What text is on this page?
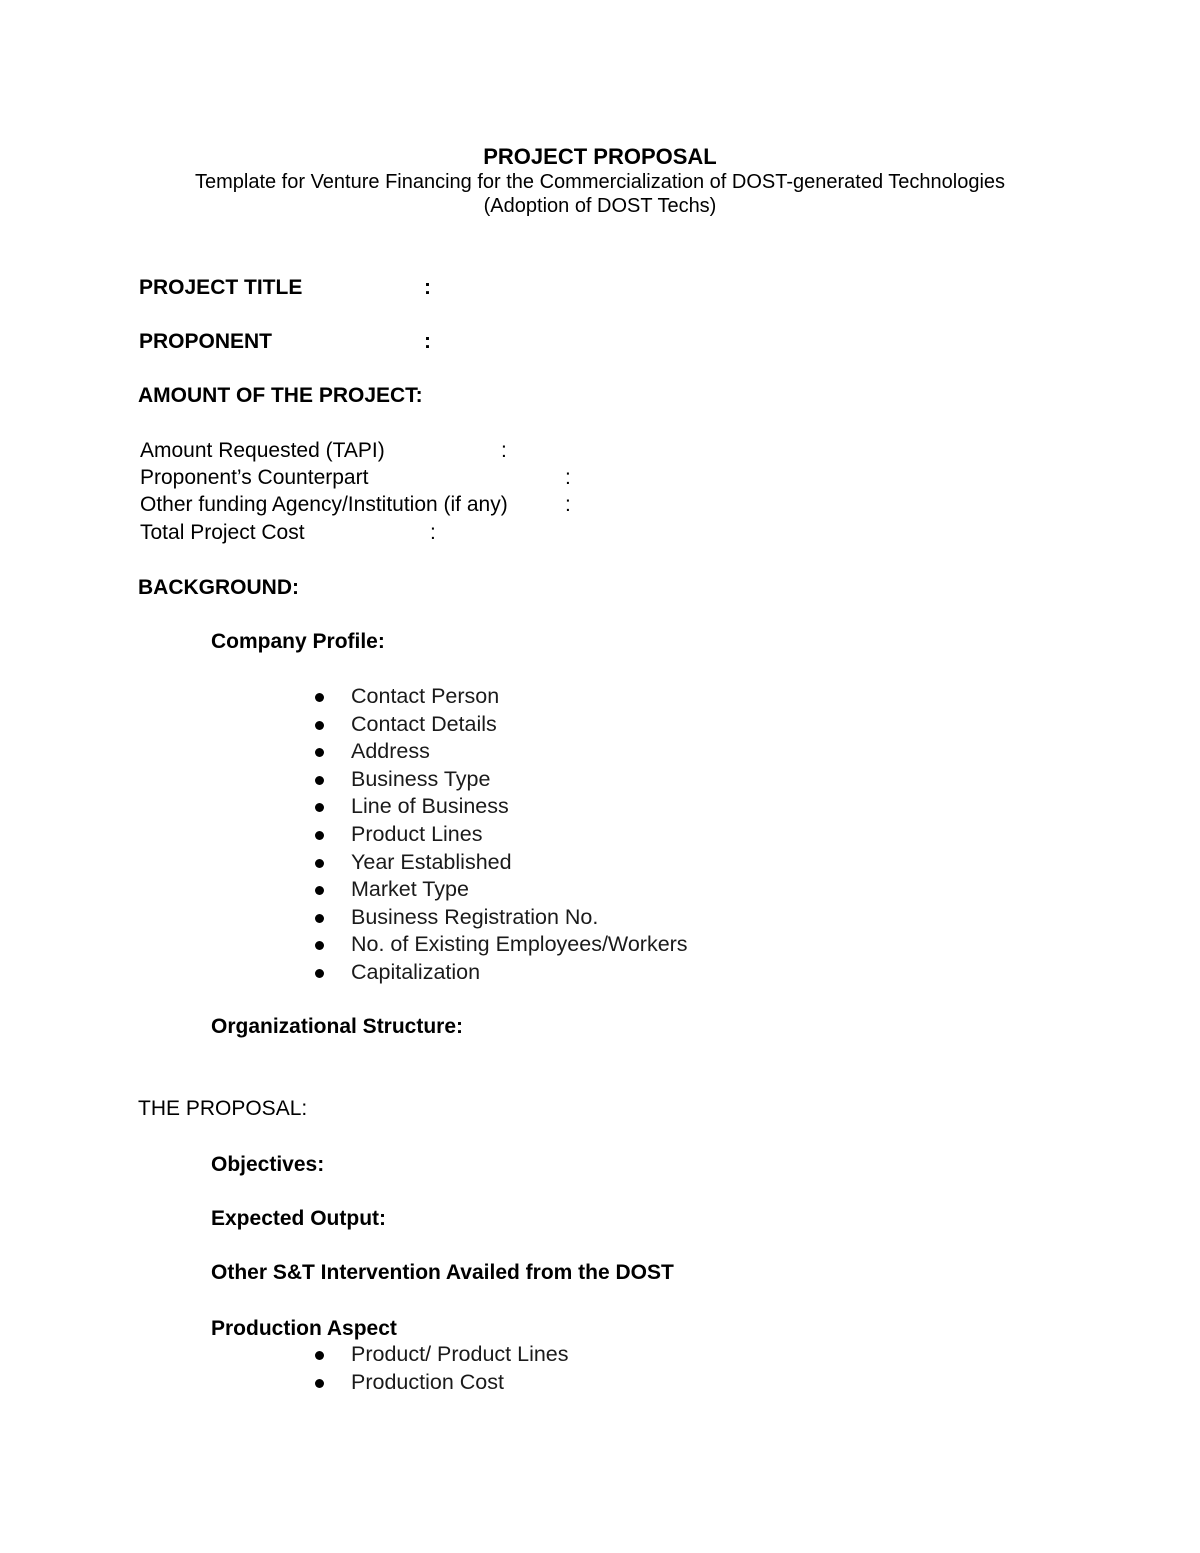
PROJECT PROPOSAL
Template for Venture Financing for the Commercialization of DOST-generated Technologies
(Adoption of DOST Techs)
PROJECT TITLE	:
PROPONENT	:
AMOUNT OF THE PROJECT:
Amount Requested (TAPI)	:
Proponent’s Counterpart	:
Other funding Agency/Institution (if any)	:
Total Project Cost	:
BACKGROUND:
Company Profile:
Contact Person
Contact Details
Address
Business Type
Line of Business
Product Lines
Year Established
Market Type
Business Registration No.
No. of Existing Employees/Workers
Capitalization
Organizational Structure:
THE PROPOSAL:
Objectives:
Expected Output:
Other S&T Intervention Availed from the DOST
Production Aspect
Product/ Product Lines
Production Cost
